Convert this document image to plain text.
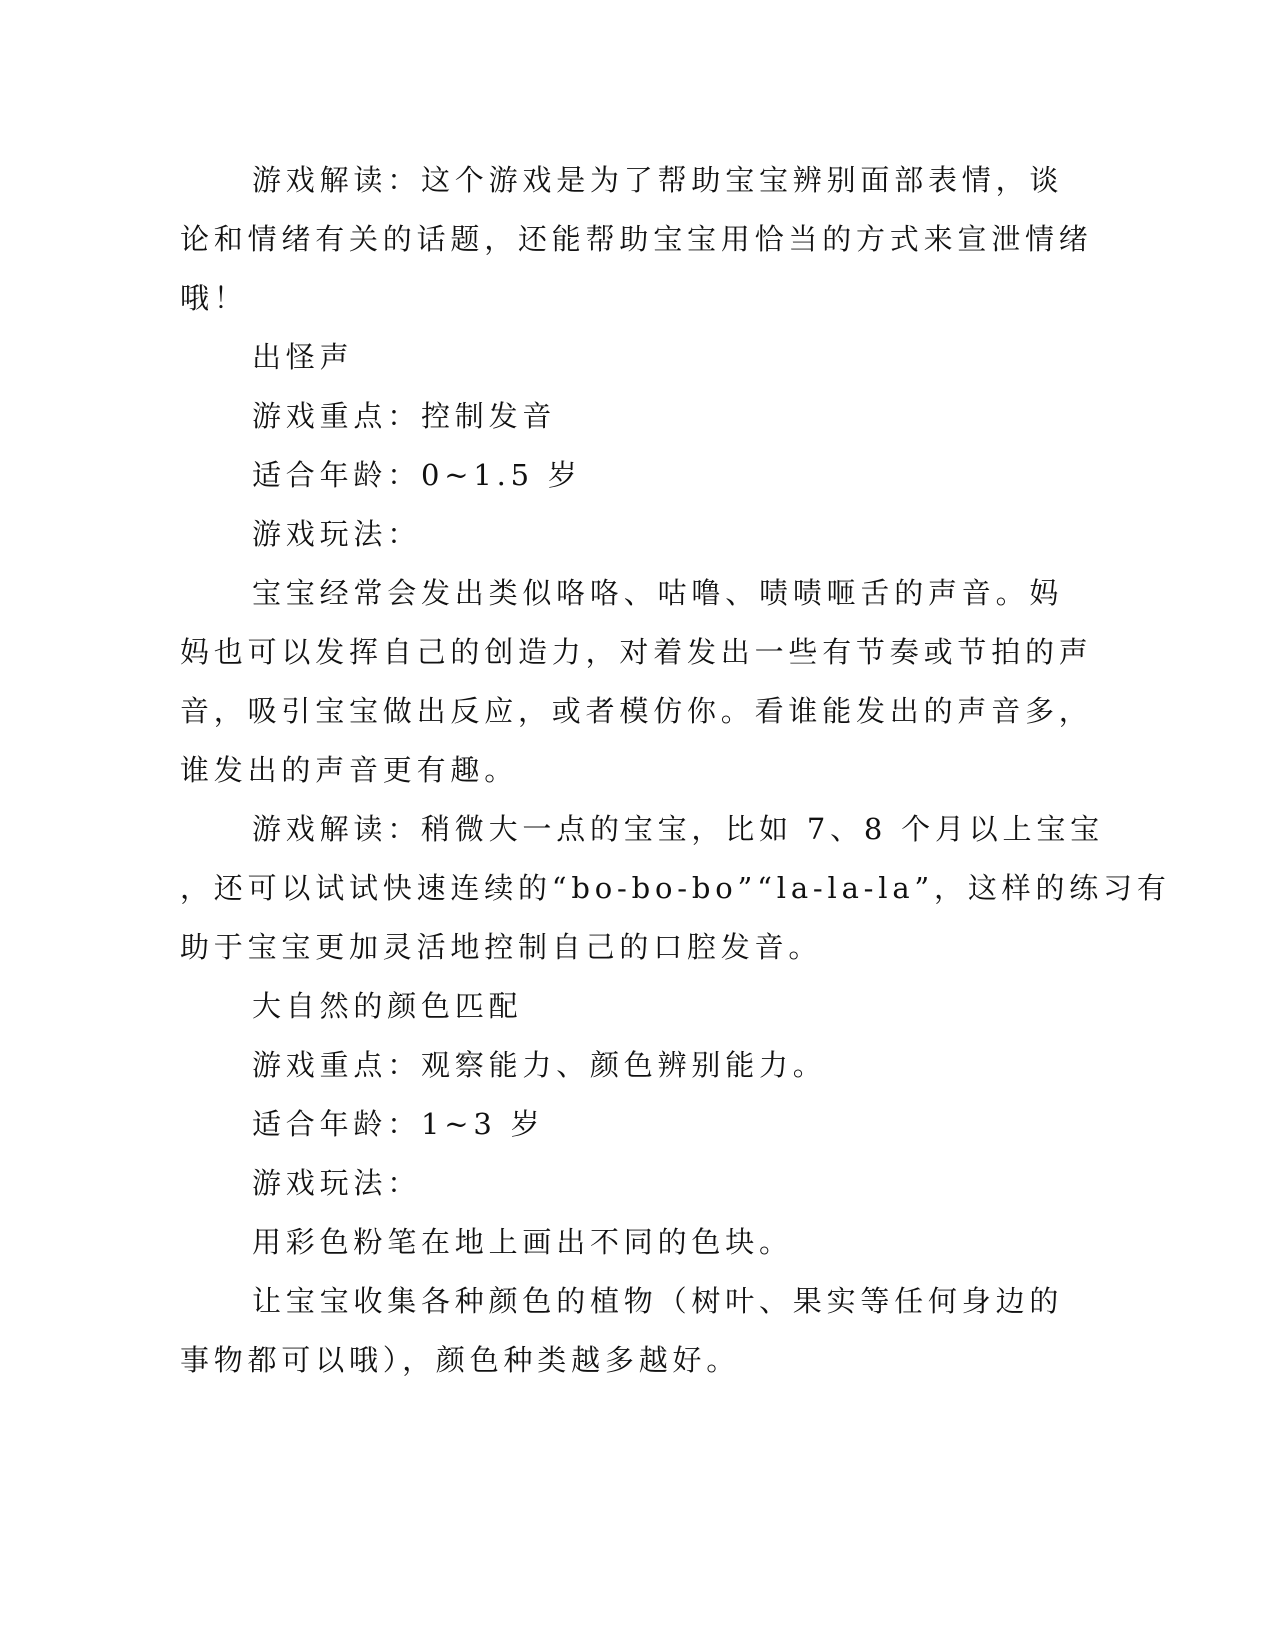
游戏解读：这个游戏是为了帮助宝宝辨别面部表情，谈
论和情绪有关的话题，还能帮助宝宝用恰当的方式来宣泄情绪
哦！
出怪声
游戏重点：控制发音
适合年龄：0~1.5 岁
游戏玩法：
宝宝经常会发出类似咯咯、咕噜、啧啧咂舌的声音。妈
妈也可以发挥自己的创造力，对着发出一些有节奏或节拍的声
音，吸引宝宝做出反应，或者模仿你。看谁能发出的声音多，
谁发出的声音更有趣。
游戏解读：稍微大一点的宝宝，比如 7、8 个月以上宝宝
，还可以试试快速连续的“bo-bo-bo”“la-la-la”，这样的练习有
助于宝宝更加灵活地控制自己的口腔发音。
大自然的颜色匹配
游戏重点：观察能力、颜色辨别能力。
适合年龄：1~3 岁
游戏玩法：
用彩色粉笔在地上画出不同的色块。
让宝宝收集各种颜色的植物（树叶、果实等任何身边的
事物都可以哦），颜色种类越多越好。
